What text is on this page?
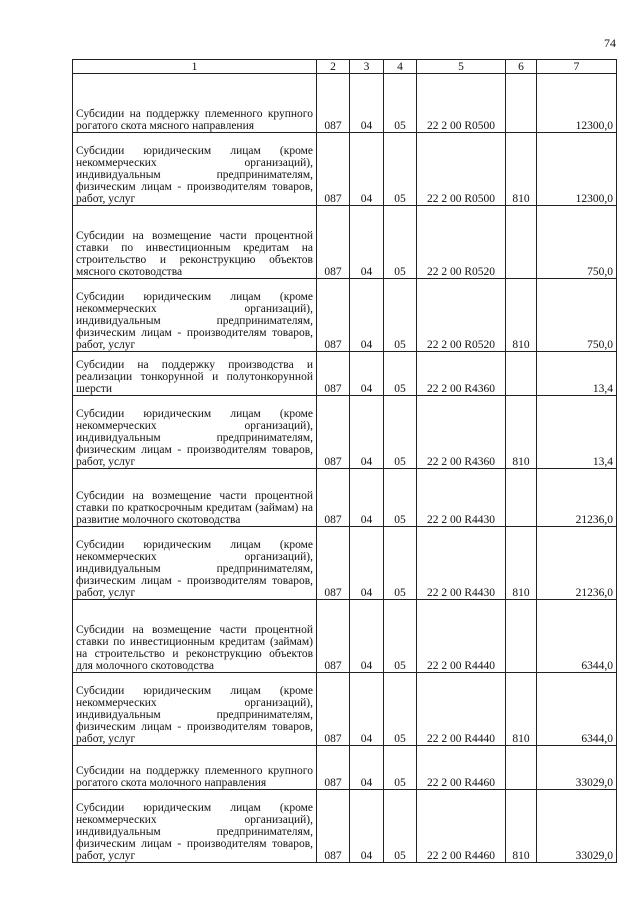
74
1	2	3	4	5	6	7
Субсидии на поддержку племенного крупного рогатого скота мясного направления	087	04	05	22 2 00 R0500		12300,0
Субсидии юридическим лицам (кроме некоммерческих организаций), индивидуальным предпринимателям, физическим лицам - производителям товаров, работ, услуг	087	04	05	22 2 00 R0500	810	12300,0
Субсидии на возмещение части процентной ставки по инвестиционным кредитам на строительство и реконструкцию объектов мясного скотоводства	087	04	05	22 2 00 R0520		750,0
Субсидии юридическим лицам (кроме некоммерческих организаций), индивидуальным предпринимателям, физическим лицам - производителям товаров, работ, услуг	087	04	05	22 2 00 R0520	810	750,0
Субсидии на поддержку производства и реализации тонкорунной и полутонкорунной шерсти	087	04	05	22 2 00 R4360		13,4
Субсидии юридическим лицам (кроме некоммерческих организаций), индивидуальным предпринимателям, физическим лицам - производителям товаров, работ, услуг	087	04	05	22 2 00 R4360	810	13,4
Субсидии на возмещение части процентной ставки по краткосрочным кредитам (займам) на развитие молочного скотоводства	087	04	05	22 2 00 R4430		21236,0
Субсидии юридическим лицам (кроме некоммерческих организаций), индивидуальным предпринимателям, физическим лицам - производителям товаров, работ, услуг	087	04	05	22 2 00 R4430	810	21236,0
Субсидии на возмещение части процентной ставки по инвестиционным кредитам (займам) на строительство и реконструкцию объектов для молочного скотоводства	087	04	05	22 2 00 R4440		6344,0
Субсидии юридическим лицам (кроме некоммерческих организаций), индивидуальным предпринимателям, физическим лицам - производителям товаров, работ, услуг	087	04	05	22 2 00 R4440	810	6344,0
Субсидии на поддержку племенного крупного рогатого скота молочного направления	087	04	05	22 2 00 R4460		33029,0
Субсидии юридическим лицам (кроме некоммерческих организаций), индивидуальным предпринимателям, физическим лицам - производителям товаров, работ, услуг	087	04	05	22 2 00 R4460	810	33029,0
